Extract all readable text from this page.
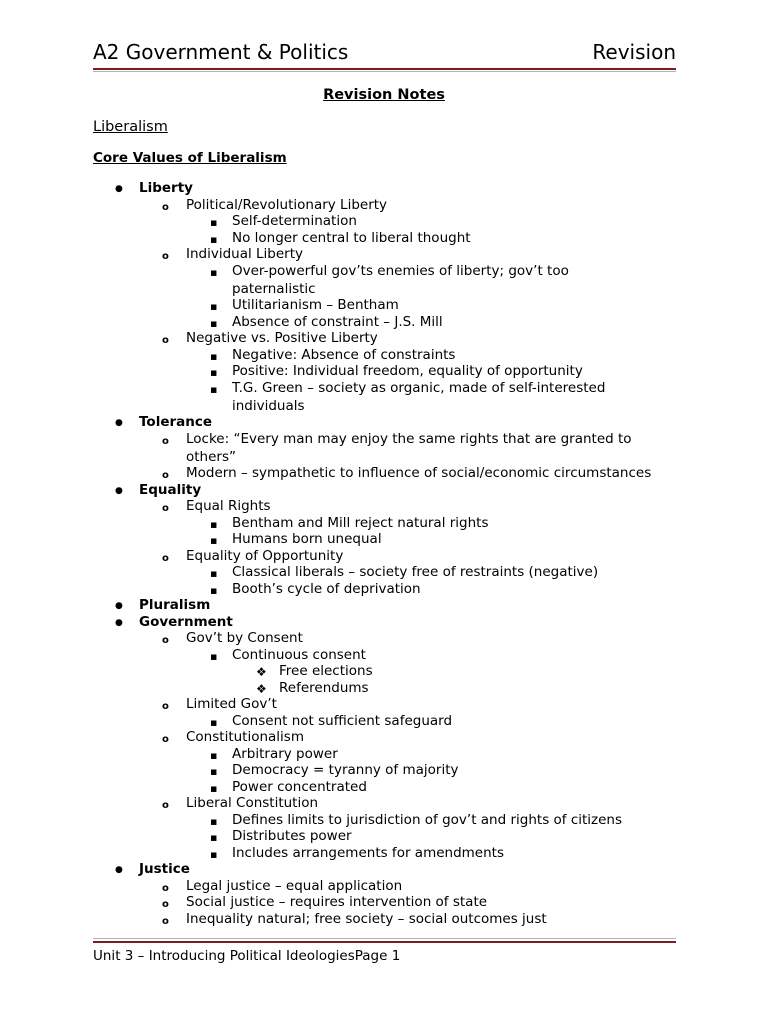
A2 Government & Politics	Revision
Revision Notes
Liberalism
Core Values of Liberalism
● Liberty
o Political/Revolutionary Liberty
▪ Self-determination
▪ No longer central to liberal thought
o Individual Liberty
▪ Over-powerful gov’ts enemies of liberty; gov’t too
paternalistic
▪ Utilitarianism – Bentham
▪ Absence of constraint – J.S. Mill
o Negative vs. Positive Liberty
▪ Negative: Absence of constraints
▪ Positive: Individual freedom, equality of opportunity
▪ T.G. Green – society as organic, made of self-interested
individuals
● Tolerance
o Locke: “Every man may enjoy the same rights that are granted to
others”
o Modern – sympathetic to influence of social/economic circumstances
● Equality
o Equal Rights
▪ Bentham and Mill reject natural rights
▪ Humans born unequal
o Equality of Opportunity
▪ Classical liberals – society free of restraints (negative)
▪ Booth’s cycle of deprivation
● Pluralism
● Government
o Gov’t by Consent
▪ Continuous consent
❖ Free elections
❖ Referendums
o Limited Gov’t
▪ Consent not sufficient safeguard
o Constitutionalism
▪ Arbitrary power
▪ Democracy = tyranny of majority
▪ Power concentrated
o Liberal Constitution
▪ Defines limits to jurisdiction of gov’t and rights of citizens
▪ Distributes power
▪ Includes arrangements for amendments
● Justice
o Legal justice – equal application
o Social justice – requires intervention of state
o Inequality natural; free society – social outcomes just
Unit 3 – Introducing Political IdeologiesPage 1
